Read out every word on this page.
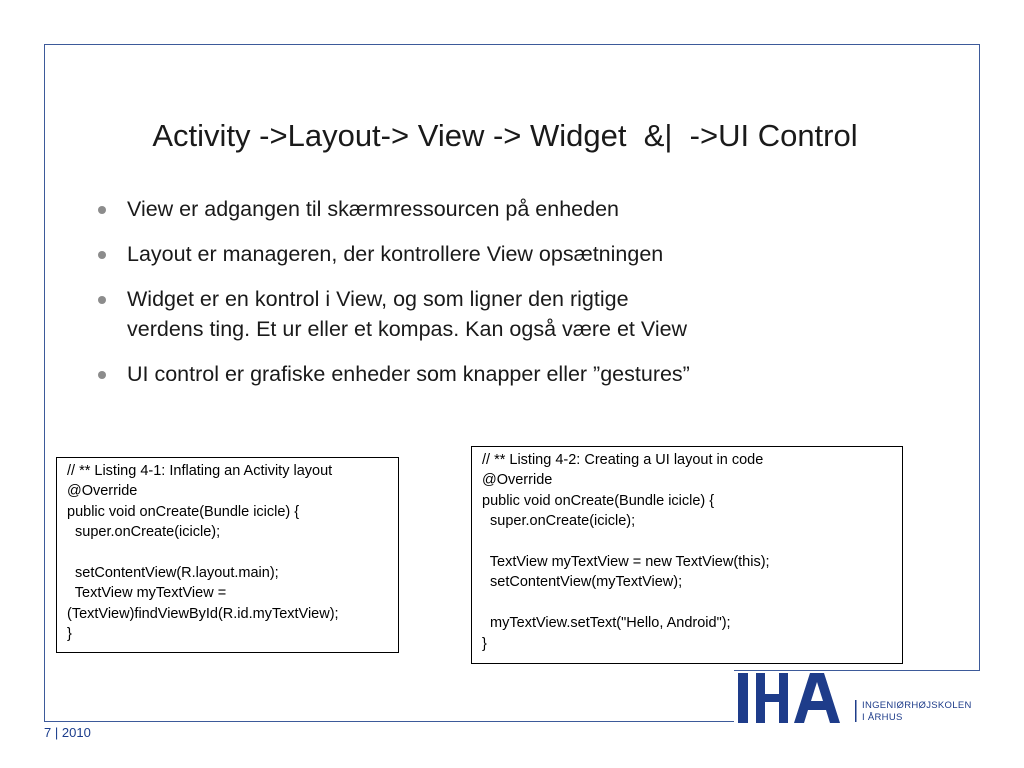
Activity ->Layout-> View -> Widget  &|  ->UI Control
View er adgangen til skærmressourcen på enheden
Layout er manageren, der kontrollere View opsætningen
Widget er en kontrol i View, og som ligner den rigtige
verdens ting. Et ur eller et kompas. Kan også være et View
UI control er grafiske enheder som knapper eller ”gestures”
// ** Listing 4-1: Inflating an Activity layout
@Override
public void onCreate(Bundle icicle) {
super.onCreate(icicle);
setContentView(R.layout.main);
TextView myTextView =
(TextView)findViewById(R.id.myTextView);
}
// ** Listing 4-2: Creating a UI layout in code
@Override
public void onCreate(Bundle icicle) {
super.onCreate(icicle);
TextView myTextView = new TextView(this);
setContentView(myTextView);
myTextView.setText("Hello, Android");
}
7 | 2010
INGENIØRHØJSKOLEN
I ÅRHUS
